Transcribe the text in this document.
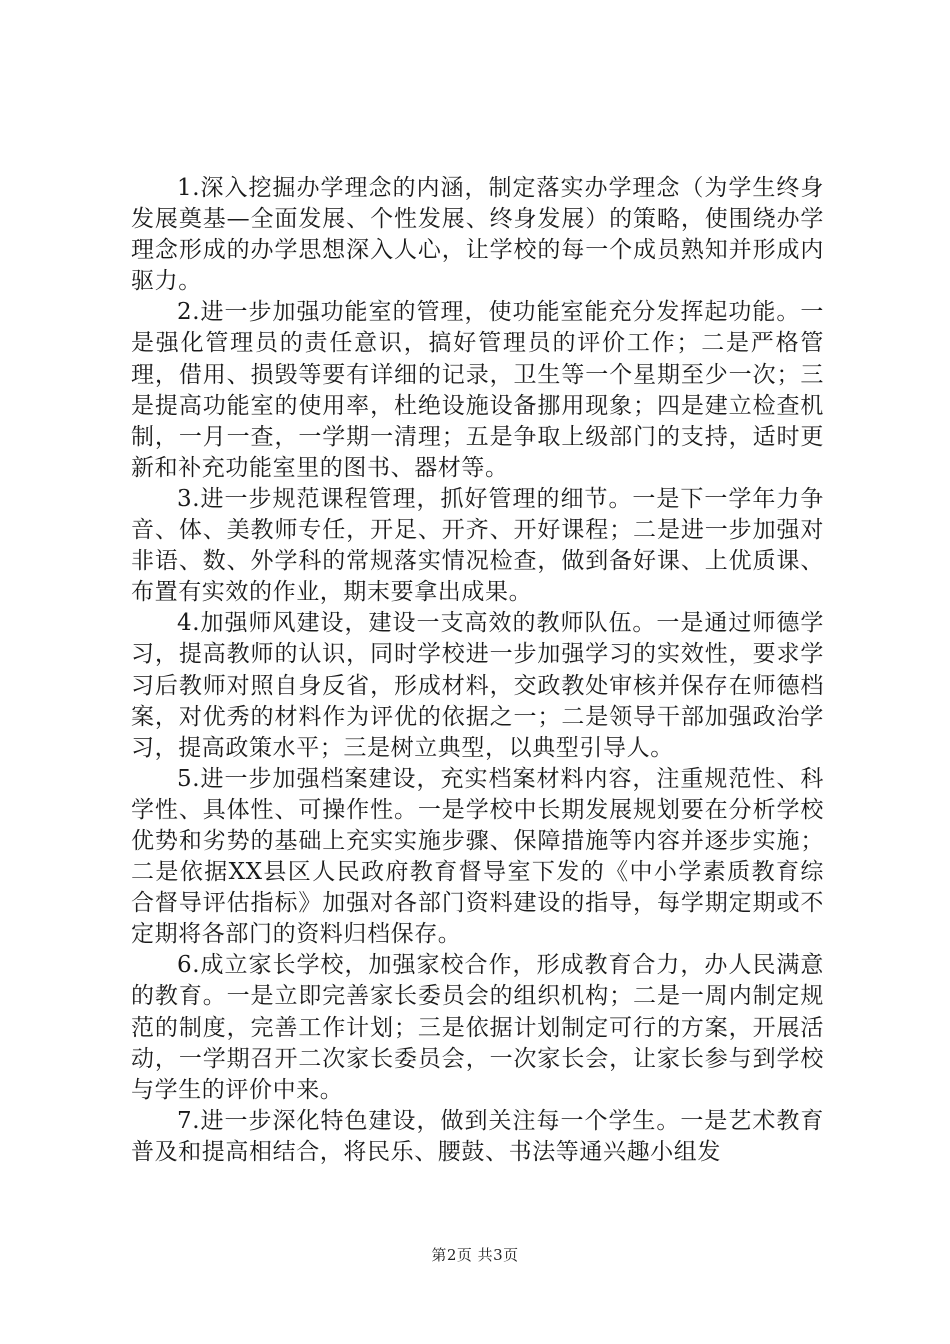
1.深入挖掘办学理念的内涵，制定落实办学理念（为学生终身发展奠基—全面发展、个性发展、终身发展）的策略，使围绕办学理念形成的办学思想深入人心，让学校的每一个成员熟知并形成内驱力。

2.进一步加强功能室的管理，使功能室能充分发挥起功能。一是强化管理员的责任意识，搞好管理员的评价工作；二是严格管理，借用、损毁等要有详细的记录，卫生等一个星期至少一次；三是提高功能室的使用率，杜绝设施设备挪用现象；四是建立检查机制，一月一查，一学期一清理；五是争取上级部门的支持，适时更新和补充功能室里的图书、器材等。

3.进一步规范课程管理，抓好管理的细节。一是下一学年力争音、体、美教师专任，开足、开齐、开好课程；二是进一步加强对非语、数、外学科的常规落实情况检查，做到备好课、上优质课、布置有实效的作业，期末要拿出成果。

4.加强师风建设，建设一支高效的教师队伍。一是通过师德学习，提高教师的认识，同时学校进一步加强学习的实效性，要求学习后教师对照自身反省，形成材料，交政教处审核并保存在师德档案，对优秀的材料作为评优的依据之一；二是领导干部加强政治学习，提高政策水平；三是树立典型，以典型引导人。

5.进一步加强档案建设，充实档案材料内容，注重规范性、科学性、具体性、可操作性。一是学校中长期发展规划要在分析学校优势和劣势的基础上充实实施步骤、保障措施等内容并逐步实施；二是依据XX县区人民政府教育督导室下发的《中小学素质教育综合督导评估指标》加强对各部门资料建设的指导，每学期定期或不定期将各部门的资料归档保存。

6.成立家长学校，加强家校合作，形成教育合力，办人民满意的教育。一是立即完善家长委员会的组织机构；二是一周内制定规范的制度，完善工作计划；三是依据计划制定可行的方案，开展活动，一学期召开二次家长委员会，一次家长会，让家长参与到学校与学生的评价中来。

7.进一步深化特色建设，做到关注每一个学生。一是艺术教育普及和提高相结合，将民乐、腰鼓、书法等通兴趣小组发

第2页 共3页
